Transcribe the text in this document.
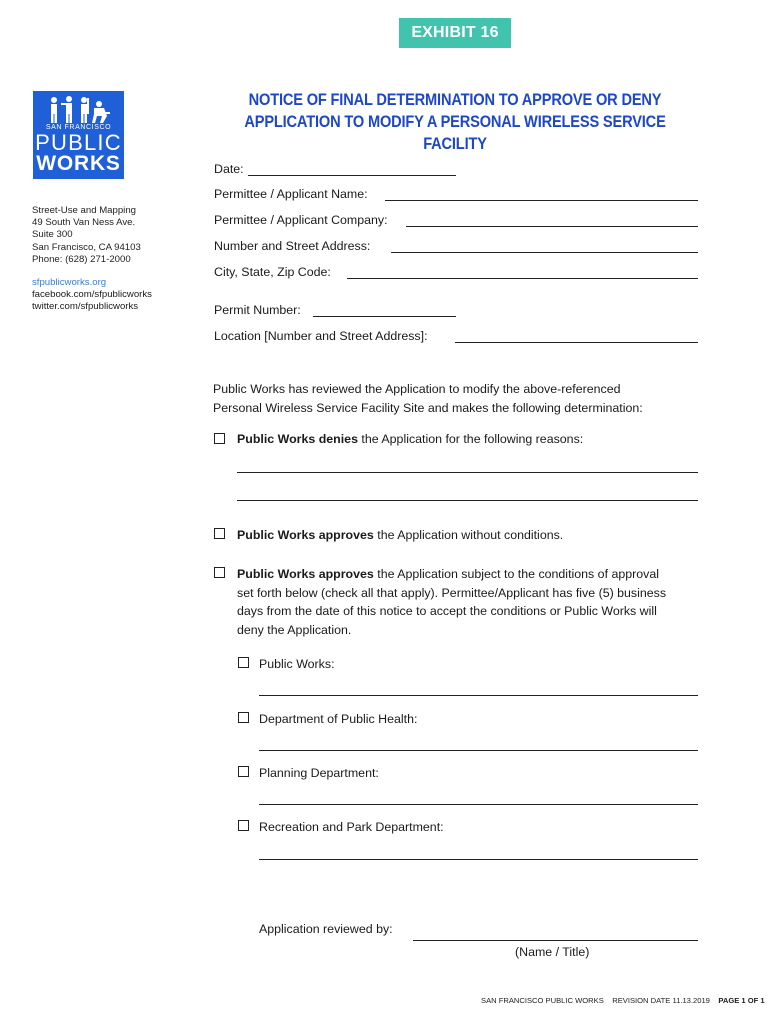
EXHIBIT 16
SAN FRANCISCO
PUBLIC
WORKS
Street-Use and Mapping
49 South Van Ness Ave.
Suite 300
San Francisco, CA 94103
Phone: (628) 271-2000
sfpublicworks.org
facebook.com/sfpublicworks
twitter.com/sfpublicworks
NOTICE OF FINAL DETERMINATION TO APPROVE OR DENY
APPLICATION TO MODIFY A PERSONAL WIRELESS SERVICE FACILITY
Date:
Permittee / Applicant Name:
Permittee / Applicant Company:
Number and Street Address:
City, State, Zip Code:
Permit Number:
Location [Number and Street Address]:
Public Works has reviewed the Application to modify the above-referenced
Personal Wireless Service Facility Site and makes the following determination:
Public Works denies the Application for the following reasons:
Public Works approves the Application without conditions.
Public Works approves the Application subject to the conditions of approval
set forth below (check all that apply). Permittee/Applicant has five (5) business
days from the date of this notice to accept the conditions or Public Works will
deny the Application.
Public Works:
Department of Public Health:
Planning Department:
Recreation and Park Department:
Application reviewed by:
(Name / Title)
SAN FRANCISCO PUBLIC WORKS REVISION DATE 11.13.2019 PAGE 1 OF 1
